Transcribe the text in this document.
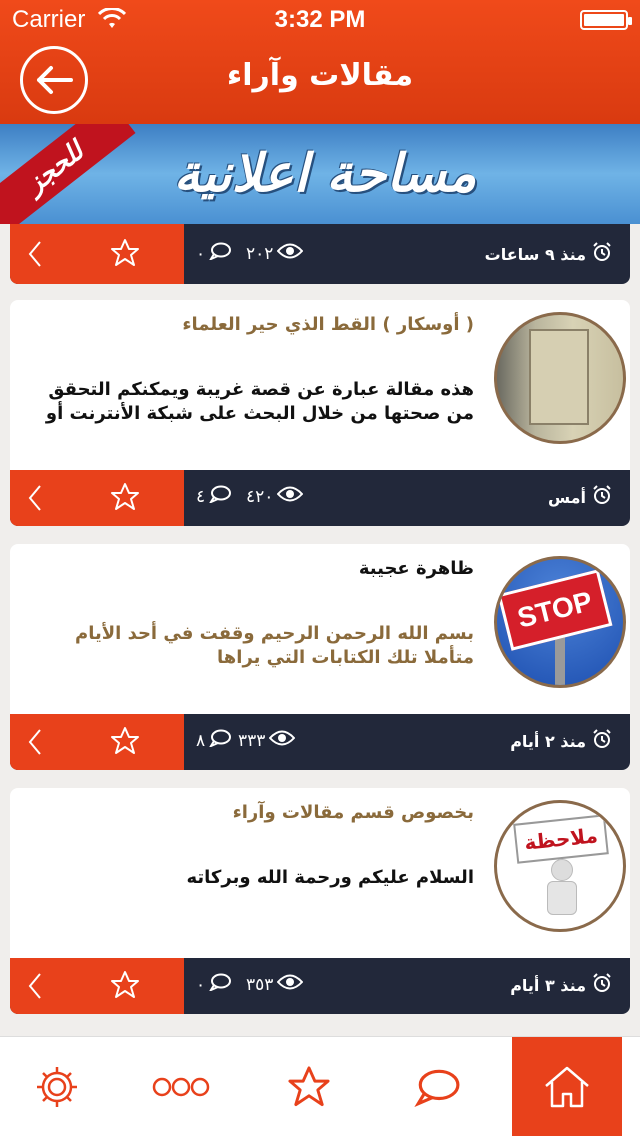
Carrier	3:32 PM
مقالات وآراء
للحجز	مساحة اعلانية
منذ ٩ ساعات
٢٠٢
٠
( أوسكار ) القط الذي حير العلماء
هذه مقالة عبارة عن قصة غريبة ويمكنكم التحقق من صحتها من خلال البحث على شبكة الأنترنت أو
أمس
٤٢٠
٤
STOP
ظاهرة عجيبة
بسم الله الرحمن الرحيم وقفت في أحد الأيام متأملا تلك الكتابات التي يراها
منذ ٢ أيام
٣٣٣
٨
ملاحظة
بخصوص قسم مقالات وآراء
السلام عليكم ورحمة الله وبركاته
منذ ٣ أيام
٣٥٣
٠
